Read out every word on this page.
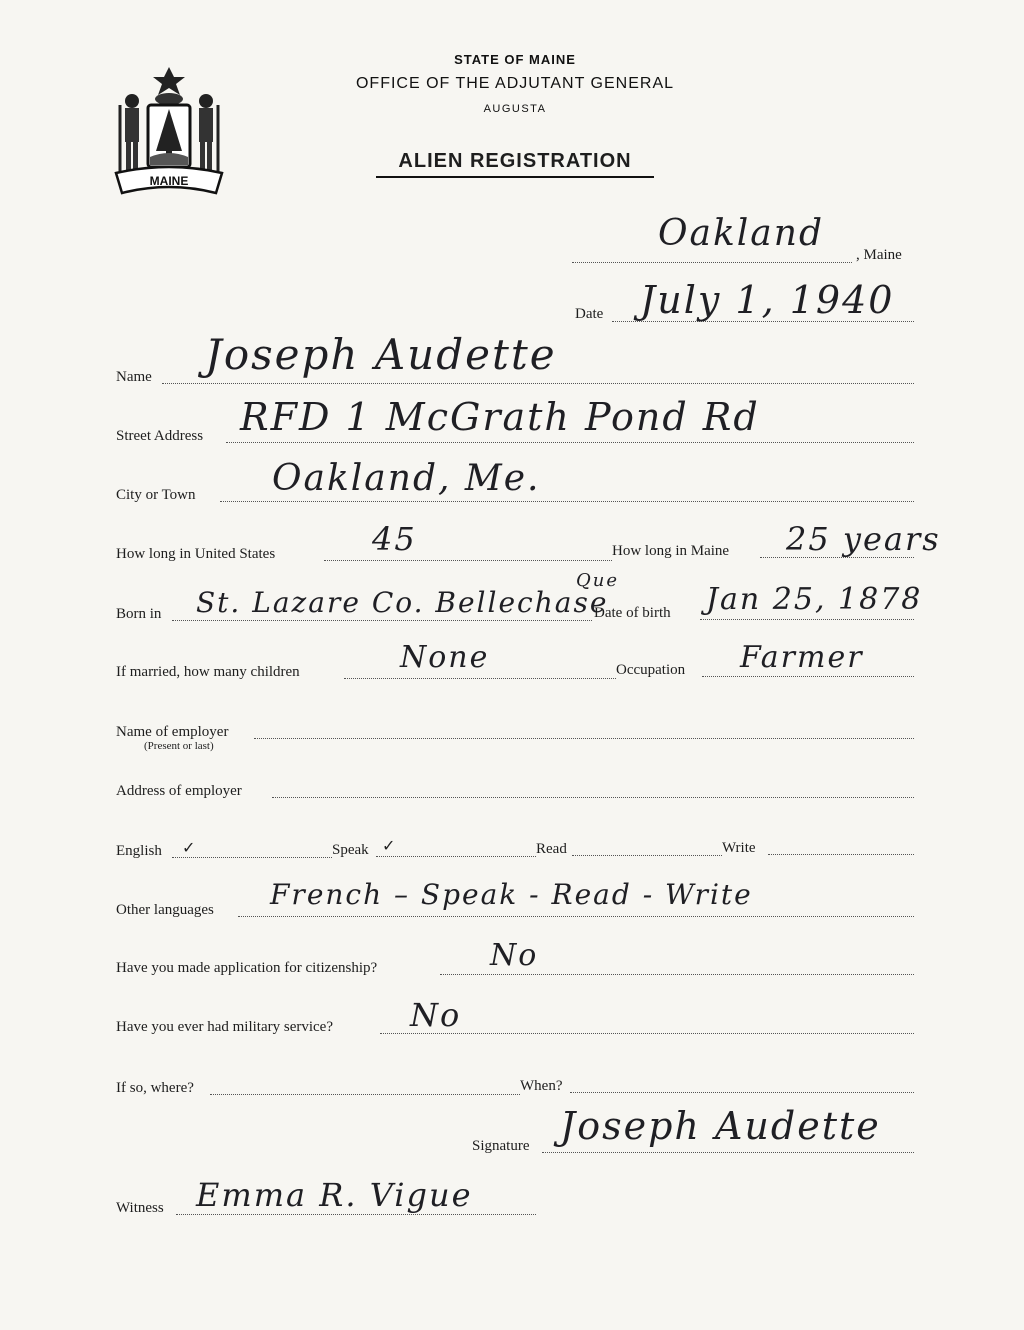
MAINE
STATE OF MAINE
OFFICE OF THE ADJUTANT GENERAL
AUGUSTA
ALIEN REGISTRATION
Oakland
, Maine
Date July 1, 1940
Name Joseph Audette
Street Address RFD 1 McGrath Pond Rd
City or Town Oakland, Me.
How long in United States	45	How long in Maine 25 years
Born in St. Lazare Co. Bellechase
Que
Date of birth Jan 25, 1878
If married, how many children	None	Occupation Farmer
Name of employer
(Present or last)
Address of employer
English ✓	Speak ✓	Read	Write
Other languages French – Speak - Read - Write
Have you made application for citizenship?	No
Have you ever had military service? No
If so, where?	When?
Signature Joseph Audette
Witness Emma R. Vigue
